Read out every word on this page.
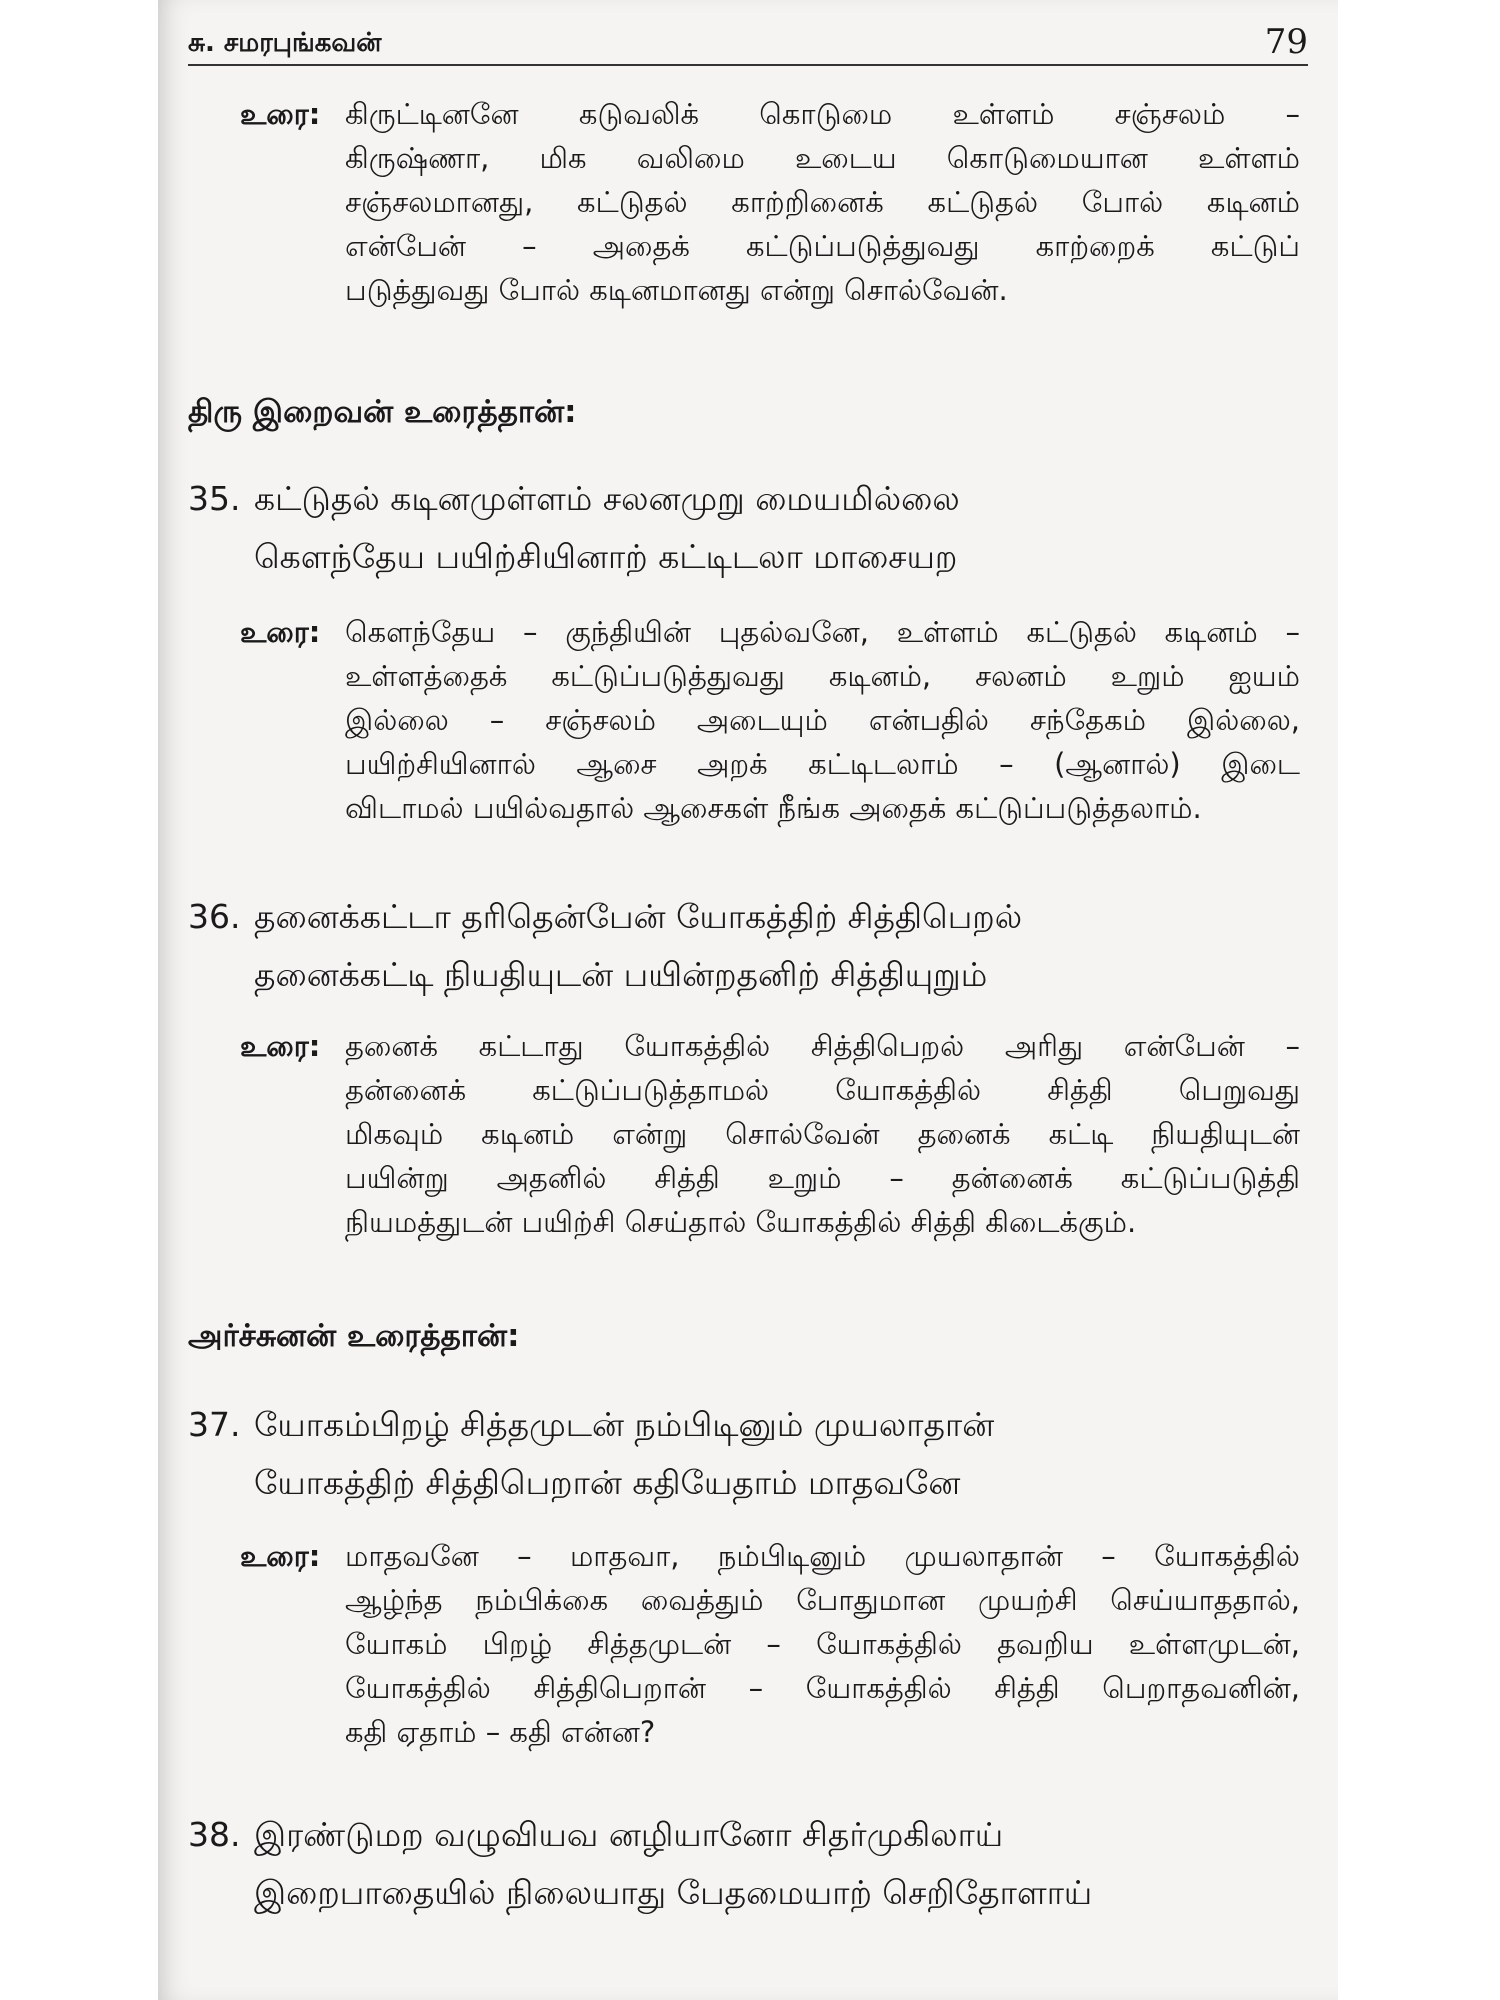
சு. சமரபுங்கவன்	79
உரை: கிருட்டினனே கடுவலிக் கொடுமை உள்ளம் சஞ்சலம் –
கிருஷ்ணா, மிக வலிமை உடைய கொடுமையான உள்ளம்
சஞ்சலமானது, கட்டுதல் காற்றினைக் கட்டுதல் போல் கடினம்
என்பேன் – அதைக் கட்டுப்படுத்துவது காற்றைக் கட்டுப்
படுத்துவது போல் கடினமானது என்று சொல்வேன்.
திரு இறைவன் உரைத்தான்:
35. கட்டுதல் கடினமுள்ளம் சலனமுறு மையமில்லை
கௌந்தேய பயிற்சியினாற் கட்டிடலா மாசையற
உரை: கௌந்தேய – குந்தியின் புதல்வனே, உள்ளம் கட்டுதல் கடினம் –
உள்ளத்தைக் கட்டுப்படுத்துவது கடினம், சலனம் உறும் ஐயம்
இல்லை – சஞ்சலம் அடையும் என்பதில் சந்தேகம் இல்லை,
பயிற்சியினால் ஆசை அறக் கட்டிடலாம் – (ஆனால்) இடை
விடாமல் பயில்வதால் ஆசைகள் நீங்க அதைக் கட்டுப்படுத்தலாம்.
36. தனைக்கட்டா தரிதென்பேன் யோகத்திற் சித்திபெறல்
தனைக்கட்டி நியதியுடன் பயின்றதனிற் சித்தியுறும்
உரை: தனைக் கட்டாது யோகத்தில் சித்திபெறல் அரிது என்பேன் –
தன்னைக் கட்டுப்படுத்தாமல் யோகத்தில் சித்தி பெறுவது
மிகவும் கடினம் என்று சொல்வேன் தனைக் கட்டி நியதியுடன்
பயின்று அதனில் சித்தி உறும் – தன்னைக் கட்டுப்படுத்தி
நியமத்துடன் பயிற்சி செய்தால் யோகத்தில் சித்தி கிடைக்கும்.
அர்ச்சுனன் உரைத்தான்:
37. யோகம்பிறழ் சித்தமுடன் நம்பிடினும் முயலாதான்
யோகத்திற் சித்திபெறான் கதியேதாம் மாதவனே
உரை: மாதவனே – மாதவா, நம்பிடினும் முயலாதான் – யோகத்தில்
ஆழ்ந்த நம்பிக்கை வைத்தும் போதுமான முயற்சி செய்யாததால்,
யோகம் பிறழ் சித்தமுடன் – யோகத்தில் தவறிய உள்ளமுடன்,
யோகத்தில் சித்திபெறான் – யோகத்தில் சித்தி பெறாதவனின்,
கதி ஏதாம் – கதி என்ன?
38. இரண்டுமற வழுவியவ னழியானோ சிதர்முகிலாய்
இறைபாதையில் நிலையாது பேதமையாற் செறிதோளாய்
